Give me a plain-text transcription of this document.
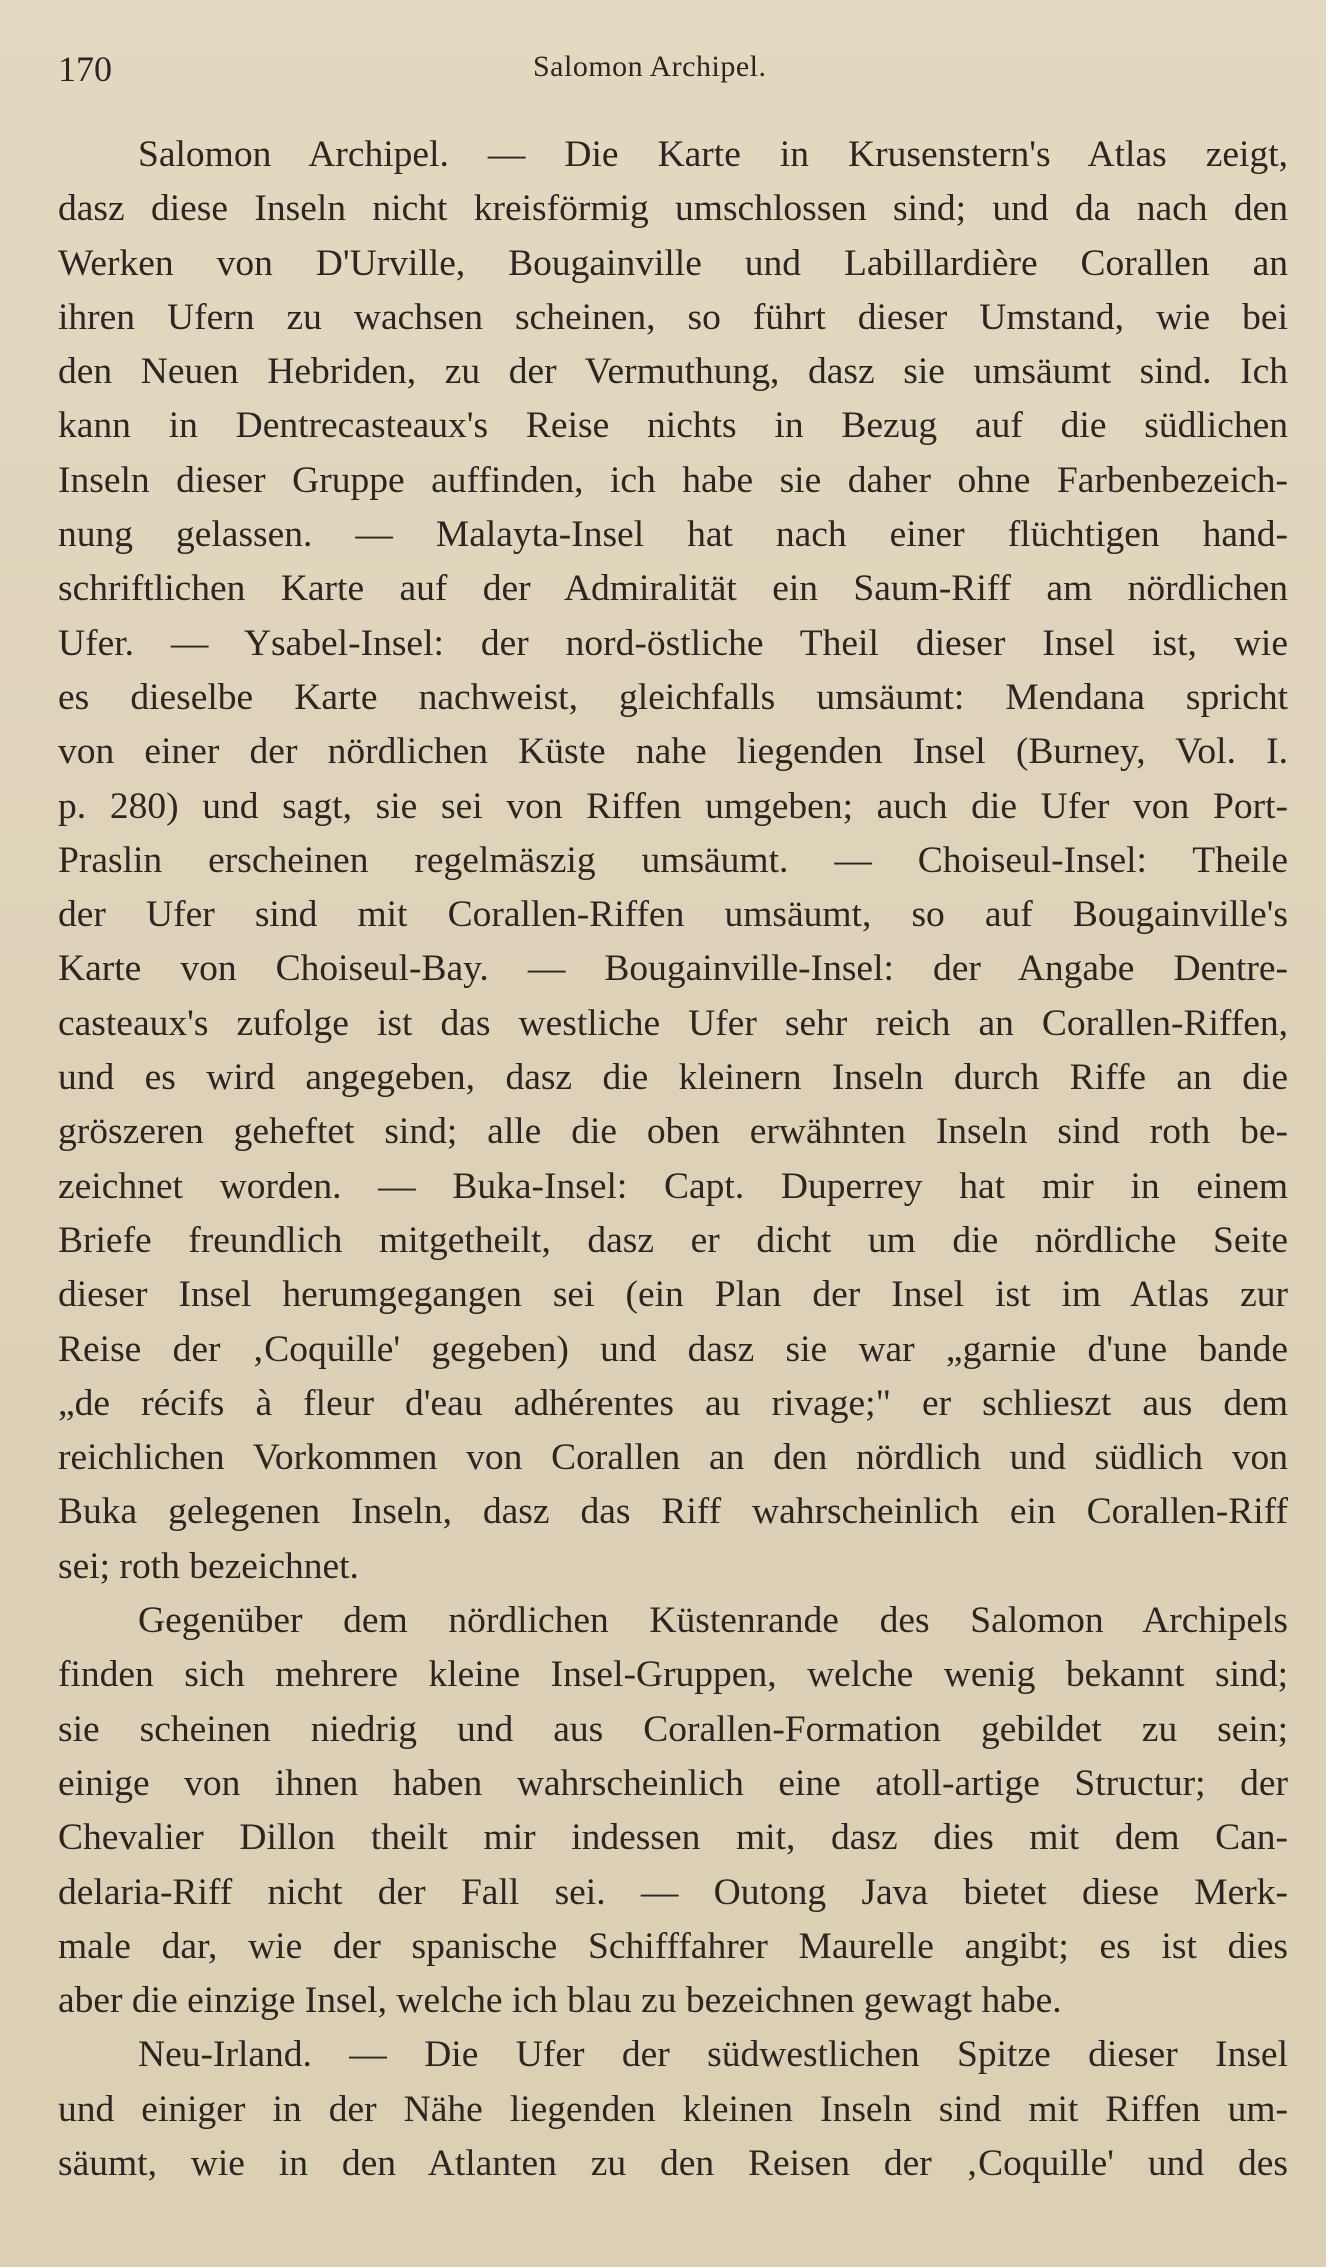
170	Salomon Archipel.
Salomon Archipel. — Die Karte in Krusenstern's Atlas zeigt,
dasz diese Inseln nicht kreisförmig umschlossen sind; und da nach den
Werken von D'Urville, Bougainville und Labillardière Corallen an
ihren Ufern zu wachsen scheinen, so führt dieser Umstand, wie bei
den Neuen Hebriden, zu der Vermuthung, dasz sie umsäumt sind. Ich
kann in Dentrecasteaux's Reise nichts in Bezug auf die südlichen
Inseln dieser Gruppe auffinden, ich habe sie daher ohne Farbenbezeich-
nung gelassen. — Malayta-Insel hat nach einer flüchtigen hand-
schriftlichen Karte auf der Admiralität ein Saum-Riff am nördlichen
Ufer. — Ysabel-Insel: der nord-östliche Theil dieser Insel ist, wie
es dieselbe Karte nachweist, gleichfalls umsäumt: Mendana spricht
von einer der nördlichen Küste nahe liegenden Insel (Burney, Vol. I.
p. 280) und sagt, sie sei von Riffen umgeben; auch die Ufer von Port-
Praslin erscheinen regelmäszig umsäumt. — Choiseul-Insel: Theile
der Ufer sind mit Corallen-Riffen umsäumt, so auf Bougainville's
Karte von Choiseul-Bay. — Bougainville-Insel: der Angabe Dentre-
casteaux's zufolge ist das westliche Ufer sehr reich an Corallen-Riffen,
und es wird angegeben, dasz die kleinern Inseln durch Riffe an die
gröszeren geheftet sind; alle die oben erwähnten Inseln sind roth be-
zeichnet worden. — Buka-Insel: Capt. Duperrey hat mir in einem
Briefe freundlich mitgetheilt, dasz er dicht um die nördliche Seite
dieser Insel herumgegangen sei (ein Plan der Insel ist im Atlas zur
Reise der ‚Coquille' gegeben) und dasz sie war „garnie d'une bande
„de récifs à fleur d'eau adhérentes au rivage;" er schlieszt aus dem
reichlichen Vorkommen von Corallen an den nördlich und südlich von
Buka gelegenen Inseln, dasz das Riff wahrscheinlich ein Corallen-Riff
sei; roth bezeichnet.
Gegenüber dem nördlichen Küstenrande des Salomon Archipels
finden sich mehrere kleine Insel-Gruppen, welche wenig bekannt sind;
sie scheinen niedrig und aus Corallen-Formation gebildet zu sein;
einige von ihnen haben wahrscheinlich eine atoll-artige Structur; der
Chevalier Dillon theilt mir indessen mit, dasz dies mit dem Can-
delaria-Riff nicht der Fall sei. — Outong Java bietet diese Merk-
male dar, wie der spanische Schifffahrer Maurelle angibt; es ist dies
aber die einzige Insel, welche ich blau zu bezeichnen gewagt habe.
Neu-Irland. — Die Ufer der südwestlichen Spitze dieser Insel
und einiger in der Nähe liegenden kleinen Inseln sind mit Riffen um-
säumt, wie in den Atlanten zu den Reisen der ‚Coquille' und des
